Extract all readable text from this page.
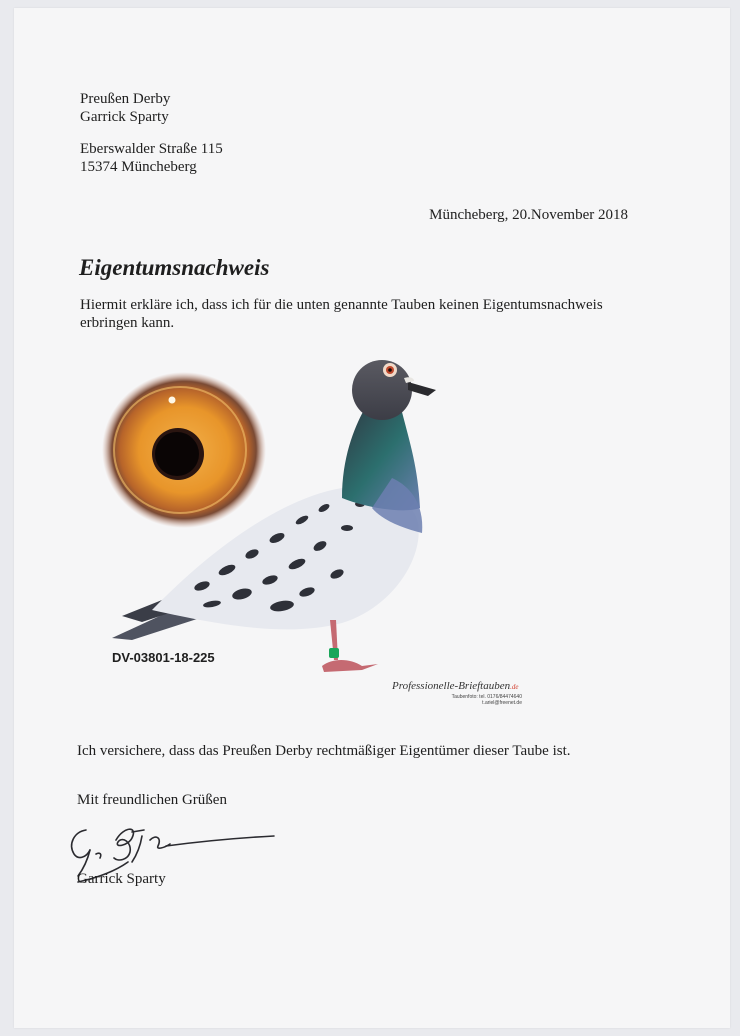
Preußen Derby
Garrick Sparty
Eberswalder Straße 115
15374 Müncheberg
Müncheberg, 20.November 2018
Eigentumsnachweis
Hiermit erkläre ich, dass ich für die unten genannte Tauben keinen Eigentumsnachweis
erbringen kann.
DV-03801-18-225
Professionelle-Brieftauben.de
Taubenfoto: tel. 0176/84474640
t.ariel@freenet.de
Ich versichere, dass das Preußen Derby rechtmäßiger Eigentümer dieser Taube ist.
Mit freundlichen Grüßen
Garrick Sparty
